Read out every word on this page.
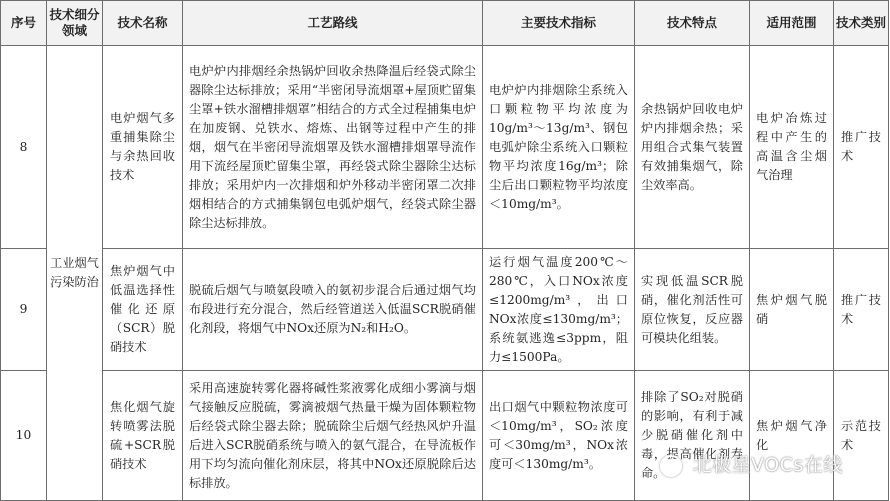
序号	技术细分领域	技术名称	工艺路线	主要技术指标	技术特点	适用范围	技术类别
8	工业烟气污染防治	电炉烟气多重捕集除尘与余热回收技术	电炉炉内排烟经余热锅炉回收余热降温后经袋式除尘器除尘达标排放；采用“半密闭导流烟罩+屋顶贮留集尘罩+铁水溜槽排烟罩”相结合的方式全过程捕集电炉在加废钢、兑铁水、熔炼、出钢等过程中产生的排烟，烟气在半密闭导流烟罩及铁水溜槽排烟罩导流作用下流经屋顶贮留集尘罩，再经袋式除尘器除尘达标排放；采用炉内一次排烟和炉外移动半密闭罩二次排烟相结合的方式捕集钢包电弧炉烟气，经袋式除尘器除尘达标排放。	电炉炉内排烟除尘系统入口颗粒物平均浓度为10g/m³～13g/m³、钢包电弧炉除尘系统入口颗粒物平均浓度16g/m³；除尘后出口颗粒物平均浓度＜10mg/m³。	余热锅炉回收电炉炉内排烟余热；采用组合式集气装置有效捕集烟气，除尘效率高。	电炉冶炼过程中产生的高温含尘烟气治理	推广技术
9		焦炉烟气中低温选择性催化还原（SCR）脱硝技术	脱硫后烟气与喷氨段喷入的氨初步混合后通过烟气均布段进行充分混合，然后经管道送入低温SCR脱硝催化剂段，将烟气中NOx还原为N₂和H₂O。	运行烟气温度200℃～280℃，入口NOx浓度≤1200mg/m³，出口NOx浓度≤130mg/m³；系统氨逃逸≤3ppm，阻力≤1500Pa。	实现低温SCR脱硝，催化剂活性可原位恢复，反应器可模块化组装。	焦炉烟气脱硝	推广技术
10		焦化烟气旋转喷雾法脱硫+SCR脱硝技术	采用高速旋转雾化器将碱性浆液雾化成细小雾滴与烟气接触反应脱硫，雾滴被烟气热量干燥为固体颗粒物后经袋式除尘器去除；脱硫除尘后烟气经热风炉升温后进入SCR脱硝系统与喷入的氨气混合，在导流板作用下均匀流向催化剂床层，将其中NOx还原脱除后达标排放。	出口烟气中颗粒物浓度可＜10mg/m³，SO₂浓度可＜30mg/m³，NOx浓度可＜130mg/m³。	排除了SO₂对脱硝的影响，有利于减少脱硝催化剂中毒，提高催化剂寿命。	焦炉烟气净化	示范技术
北极星VOCs在线
